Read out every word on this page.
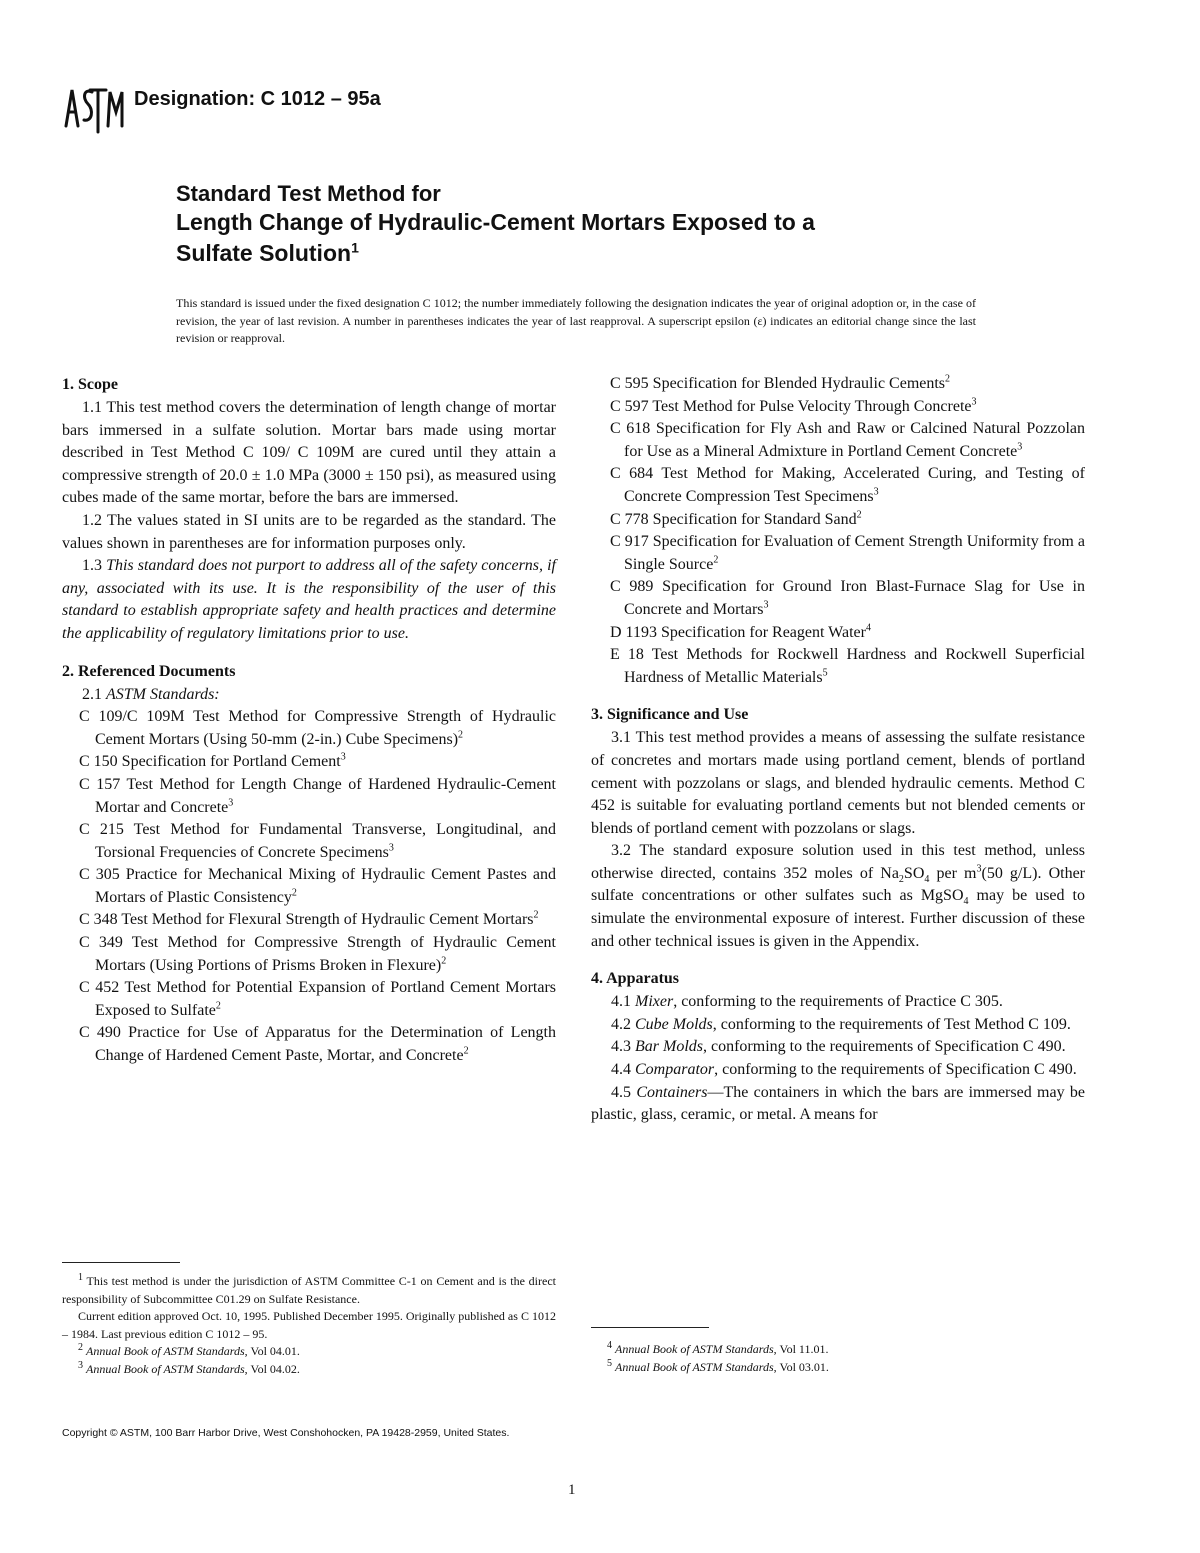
Designation: C 1012 – 95a
Standard Test Method for
Length Change of Hydraulic-Cement Mortars Exposed to a
Sulfate Solution$^1$
This standard is issued under the fixed designation C 1012; the number immediately following the designation indicates the year of original adoption or, in the case of revision, the year of last revision. A number in parentheses indicates the year of last reapproval. A superscript epsilon (ε) indicates an editorial change since the last revision or reapproval.
1. Scope

1.1 This test method covers the determination of length change of mortar bars immersed in a sulfate solution. Mortar bars made using mortar described in Test Method C 109/ C 109M are cured until they attain a compressive strength of 20.0 ± 1.0 MPa (3000 ± 150 psi), as measured using cubes made of the same mortar, before the bars are immersed.

1.2 The values stated in SI units are to be regarded as the standard. The values shown in parentheses are for information purposes only.

1.3 This standard does not purport to address all of the safety concerns, if any, associated with its use. It is the responsibility of the user of this standard to establish appropriate safety and health practices and determine the applicability of regulatory limitations prior to use.

2. Referenced Documents

2.1 ASTM Standards:

C 109/C 109M Test Method for Compressive Strength of Hydraulic Cement Mortars (Using 50-mm (2-in.) Cube Specimens)$^2$

C 150 Specification for Portland Cement$^3$

C 157 Test Method for Length Change of Hardened Hydraulic-Cement Mortar and Concrete$^3$

C 215 Test Method for Fundamental Transverse, Longitudinal, and Torsional Frequencies of Concrete Specimens$^3$

C 305 Practice for Mechanical Mixing of Hydraulic Cement Pastes and Mortars of Plastic Consistency$^2$

C 348 Test Method for Flexural Strength of Hydraulic Cement Mortars$^2$

C 349 Test Method for Compressive Strength of Hydraulic Cement Mortars (Using Portions of Prisms Broken in Flexure)$^2$

C 452 Test Method for Potential Expansion of Portland Cement Mortars Exposed to Sulfate$^2$

C 490 Practice for Use of Apparatus for the Determination of Length Change of Hardened Cement Paste, Mortar, and Concrete$^2$

C 595 Specification for Blended Hydraulic Cements$^2$

C 597 Test Method for Pulse Velocity Through Concrete$^3$

C 618 Specification for Fly Ash and Raw or Calcined Natural Pozzolan for Use as a Mineral Admixture in Portland Cement Concrete$^3$

C 684 Test Method for Making, Accelerated Curing, and Testing of Concrete Compression Test Specimens$^3$

C 778 Specification for Standard Sand$^2$

C 917 Specification for Evaluation of Cement Strength Uniformity from a Single Source$^2$

C 989 Specification for Ground Iron Blast-Furnace Slag for Use in Concrete and Mortars$^3$

D 1193 Specification for Reagent Water$^4$

E 18 Test Methods for Rockwell Hardness and Rockwell Superficial Hardness of Metallic Materials$^5$

3. Significance and Use

3.1 This test method provides a means of assessing the sulfate resistance of concretes and mortars made using portland cement, blends of portland cement with pozzolans or slags, and blended hydraulic cements. Method C 452 is suitable for evaluating portland cements but not blended cements or blends of portland cement with pozzolans or slags.

3.2 The standard exposure solution used in this test method, unless otherwise directed, contains 352 moles of $Na_2SO_4$ per $m^3(50$ g/L). Other sulfate concentrations or other sulfates such as MgSO$_4$ may be used to simulate the environmental exposure of interest. Further discussion of these and other technical issues is given in the Appendix.

4. Apparatus

4.1 Mixer, conforming to the requirements of Practice C 305.

4.2 Cube Molds, conforming to the requirements of Test Method C 109.

4.3 Bar Molds, conforming to the requirements of Specification C 490.

4.4 Comparator, conforming to the requirements of Specification C 490.

4.5 Containers—The containers in which the bars are immersed may be plastic, glass, ceramic, or metal. A means for

$^1$ This test method is under the jurisdiction of ASTM Committee C-1 on Cement and is the direct responsibility of Subcommittee C01.29 on Sulfate Resistance.

Current edition approved Oct. 10, 1995. Published December 1995. Originally published as C 1012 – 1984. Last previous edition C 1012 – 95.

$^2$ Annual Book of ASTM Standards, Vol 04.01.

$^3$ Annual Book of ASTM Standards, Vol 04.02.

$^4$ Annual Book of ASTM Standards, Vol 11.01.

$^5$ Annual Book of ASTM Standards, Vol 03.01.

Copyright © ASTM, 100 Barr Harbor Drive, West Conshohocken, PA 19428-2959, United States.
1
